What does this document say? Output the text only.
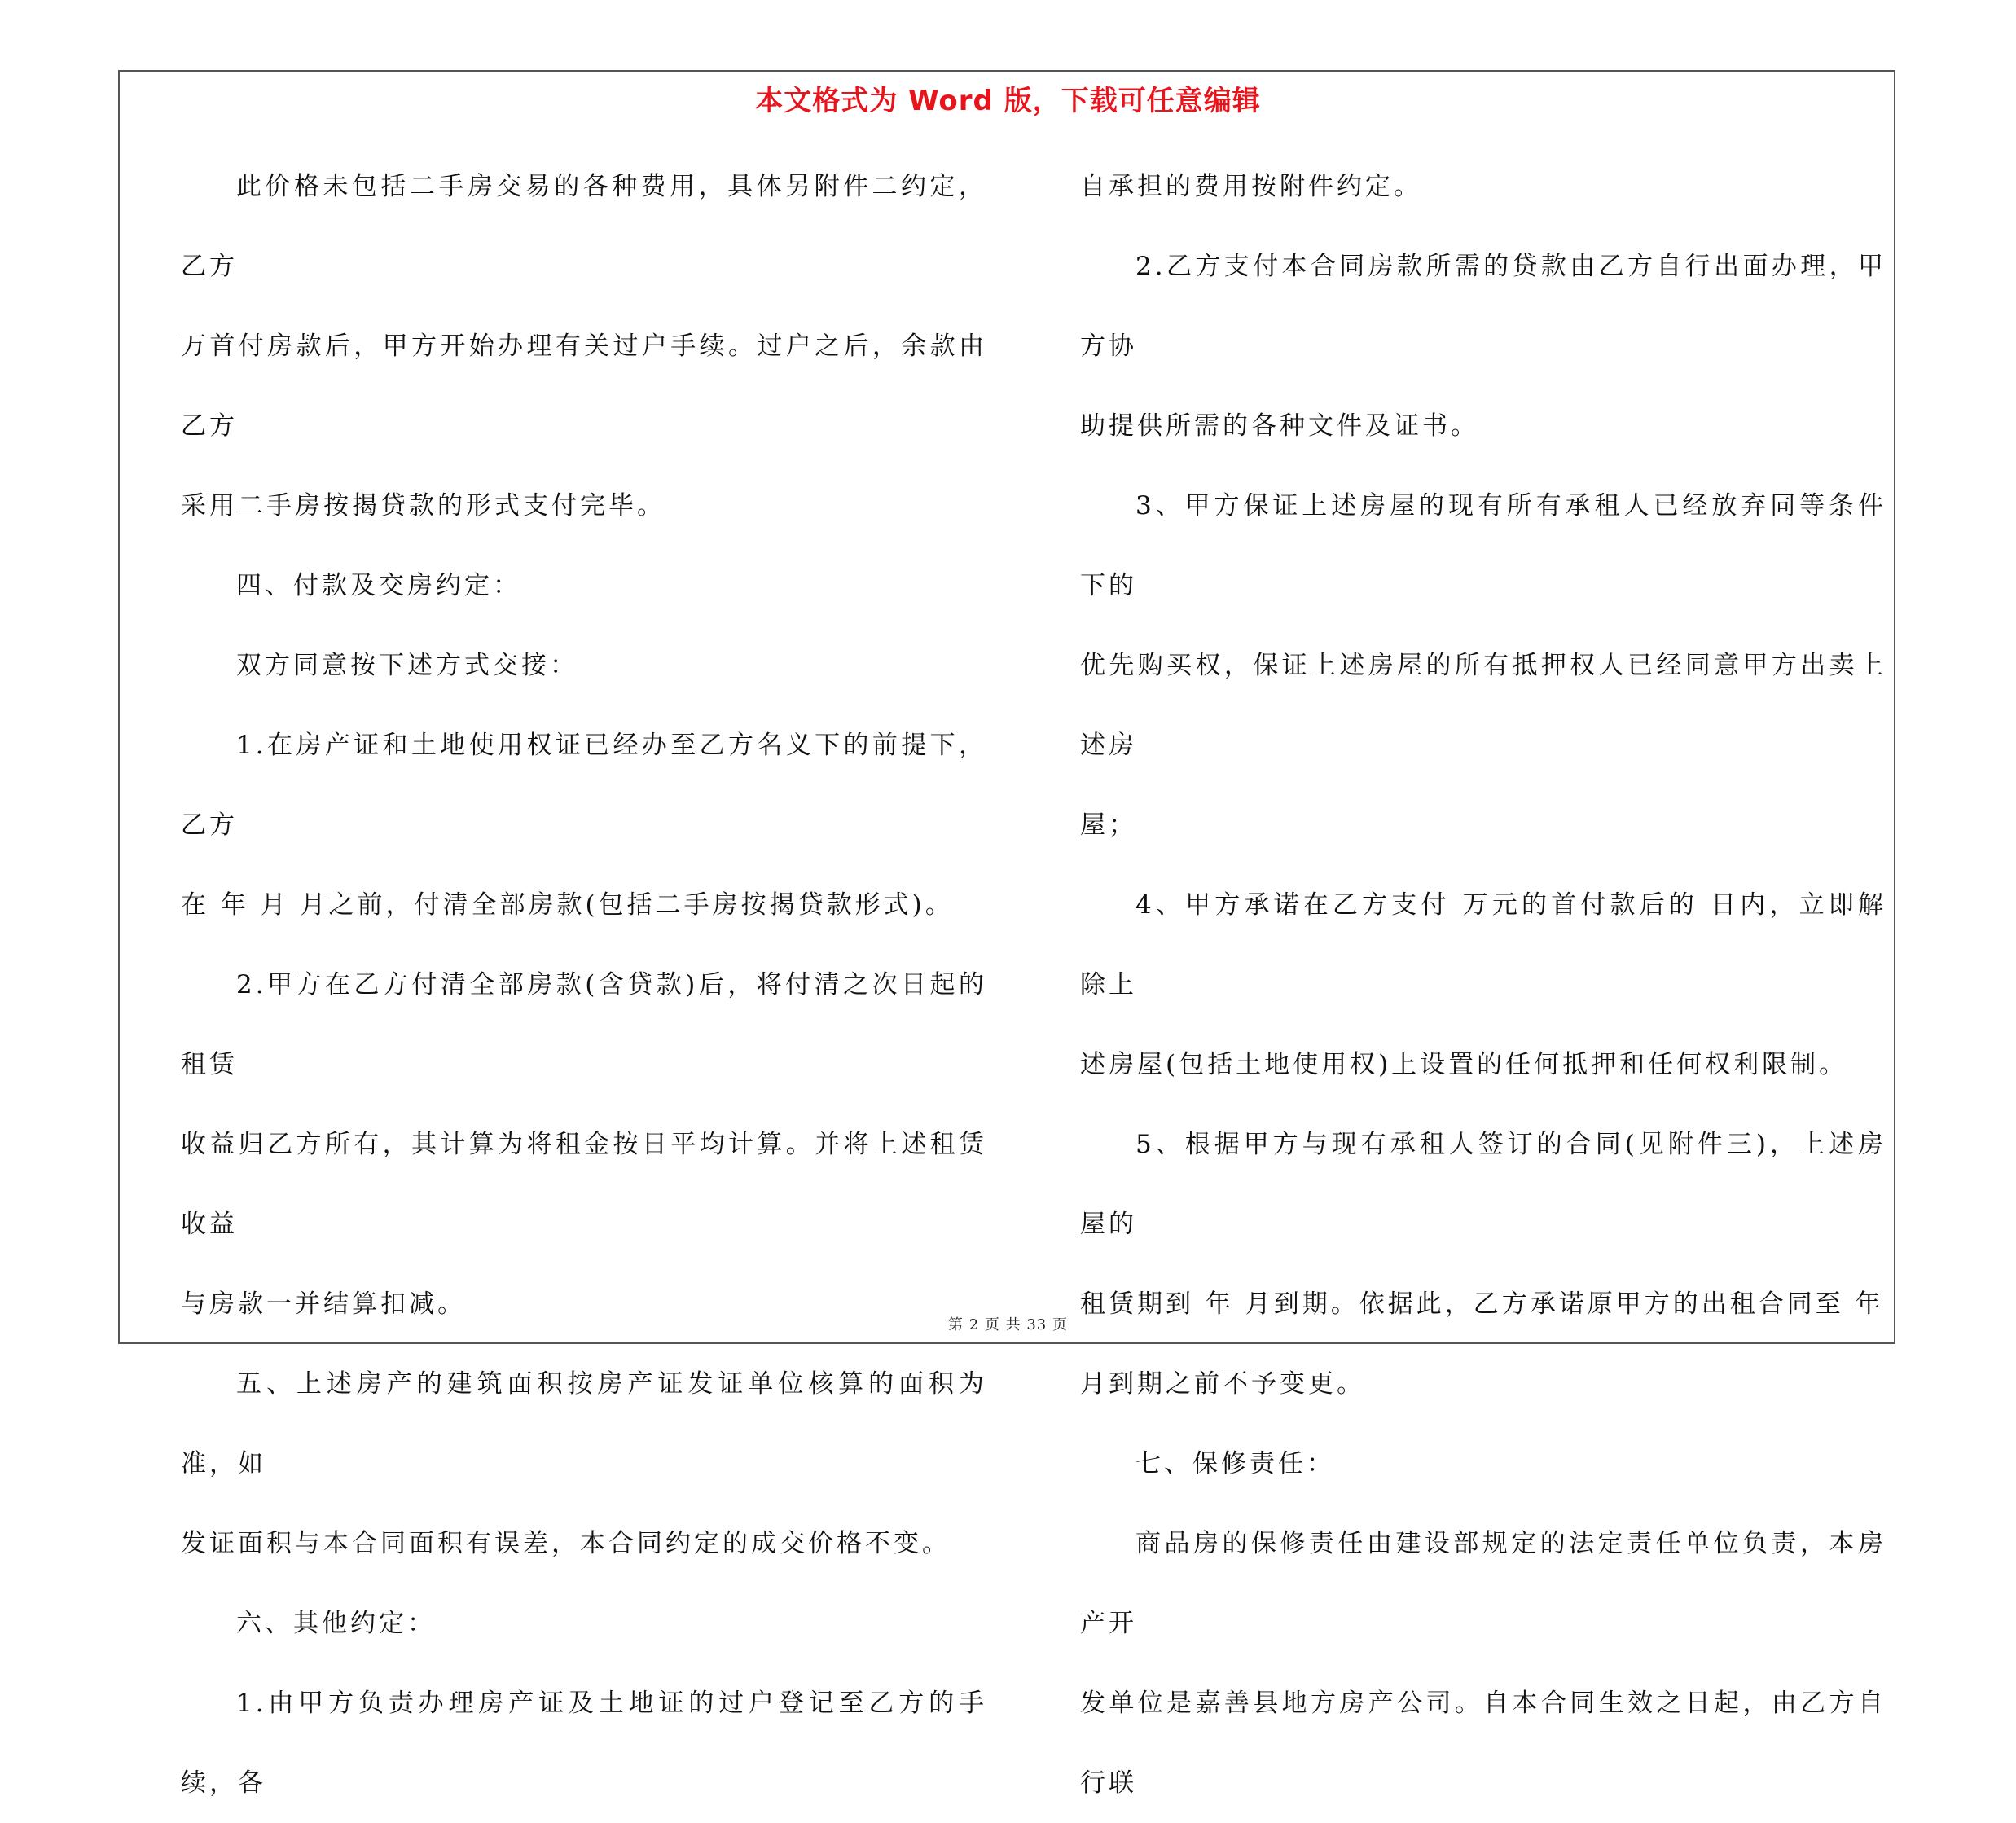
本文格式为 Word 版，下载可任意编辑

此价格未包括二手房交易的各种费用，具体另附件二约定，乙方

万首付房款后，甲方开始办理有关过户手续。过户之后，余款由乙方

采用二手房按揭贷款的形式支付完毕。

四、付款及交房约定：

双方同意按下述方式交接：

1.在房产证和土地使用权证已经办至乙方名义下的前提下，乙方

在 年 月 月之前，付清全部房款(包括二手房按揭贷款形式)。

2.甲方在乙方付清全部房款(含贷款)后，将付清之次日起的租赁

收益归乙方所有，其计算为将租金按日平均计算。并将上述租赁收益

与房款一并结算扣减。

五、上述房产的建筑面积按房产证发证单位核算的面积为准，如

发证面积与本合同面积有误差，本合同约定的成交价格不变。

六、其他约定：

1.由甲方负责办理房产证及土地证的过户登记至乙方的手续，各

自承担的费用按附件约定。

2.乙方支付本合同房款所需的贷款由乙方自行出面办理，甲方协

助提供所需的各种文件及证书。

3、甲方保证上述房屋的现有所有承租人已经放弃同等条件下的

优先购买权，保证上述房屋的所有抵押权人已经同意甲方出卖上述房

屋；

4、甲方承诺在乙方支付 万元的首付款后的 日内，立即解除上

述房屋(包括土地使用权)上设置的任何抵押和任何权利限制。

5、根据甲方与现有承租人签订的合同(见附件三)，上述房屋的

租赁期到 年 月到期。依据此，乙方承诺原甲方的出租合同至 年

月到期之前不予变更。

七、保修责任：

商品房的保修责任由建设部规定的法定责任单位负责，本房产开

发单位是嘉善县地方房产公司。自本合同生效之日起，由乙方自行联

第 2 页 共 33 页
